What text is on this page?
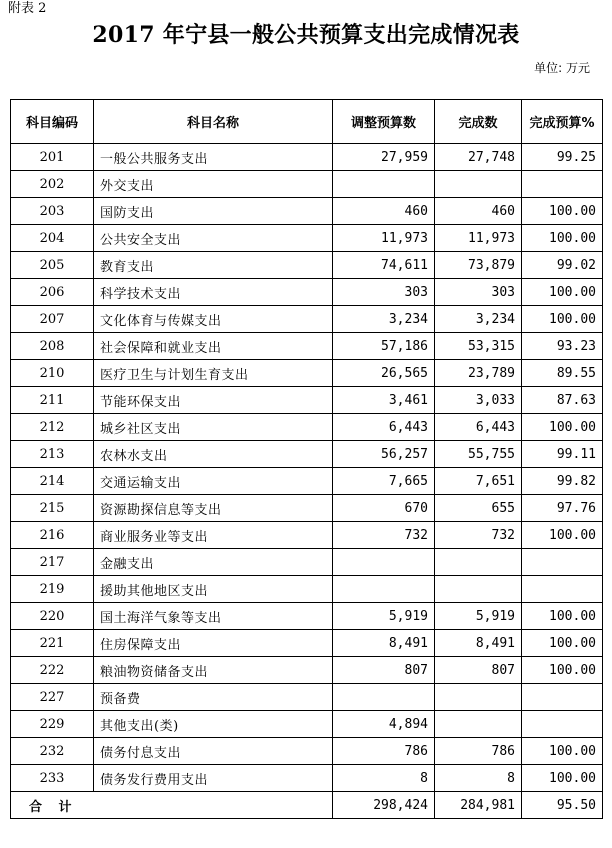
附表 2
2017 年宁县一般公共预算支出完成情况表
单位: 万元
科目编码	科目名称	调整预算数	完成数	完成预算%
201	一般公共服务支出	27,959	27,748	99.25
202	外交支出			
203	国防支出	460	460	100.00
204	公共安全支出	11,973	11,973	100.00
205	教育支出	74,611	73,879	99.02
206	科学技术支出	303	303	100.00
207	文化体育与传媒支出	3,234	3,234	100.00
208	社会保障和就业支出	57,186	53,315	93.23
210	医疗卫生与计划生育支出	26,565	23,789	89.55
211	节能环保支出	3,461	3,033	87.63
212	城乡社区支出	6,443	6,443	100.00
213	农林水支出	56,257	55,755	99.11
214	交通运输支出	7,665	7,651	99.82
215	资源勘探信息等支出	670	655	97.76
216	商业服务业等支出	732	732	100.00
217	金融支出			
219	援助其他地区支出			
220	国土海洋气象等支出	5,919	5,919	100.00
221	住房保障支出	8,491	8,491	100.00
222	粮油物资储备支出	807	807	100.00
227	预备费			
229	其他支出(类)	4,894		
232	债务付息支出	786	786	100.00
233	债务发行费用支出	8	8	100.00
合 计		298,424	284,981	95.50
